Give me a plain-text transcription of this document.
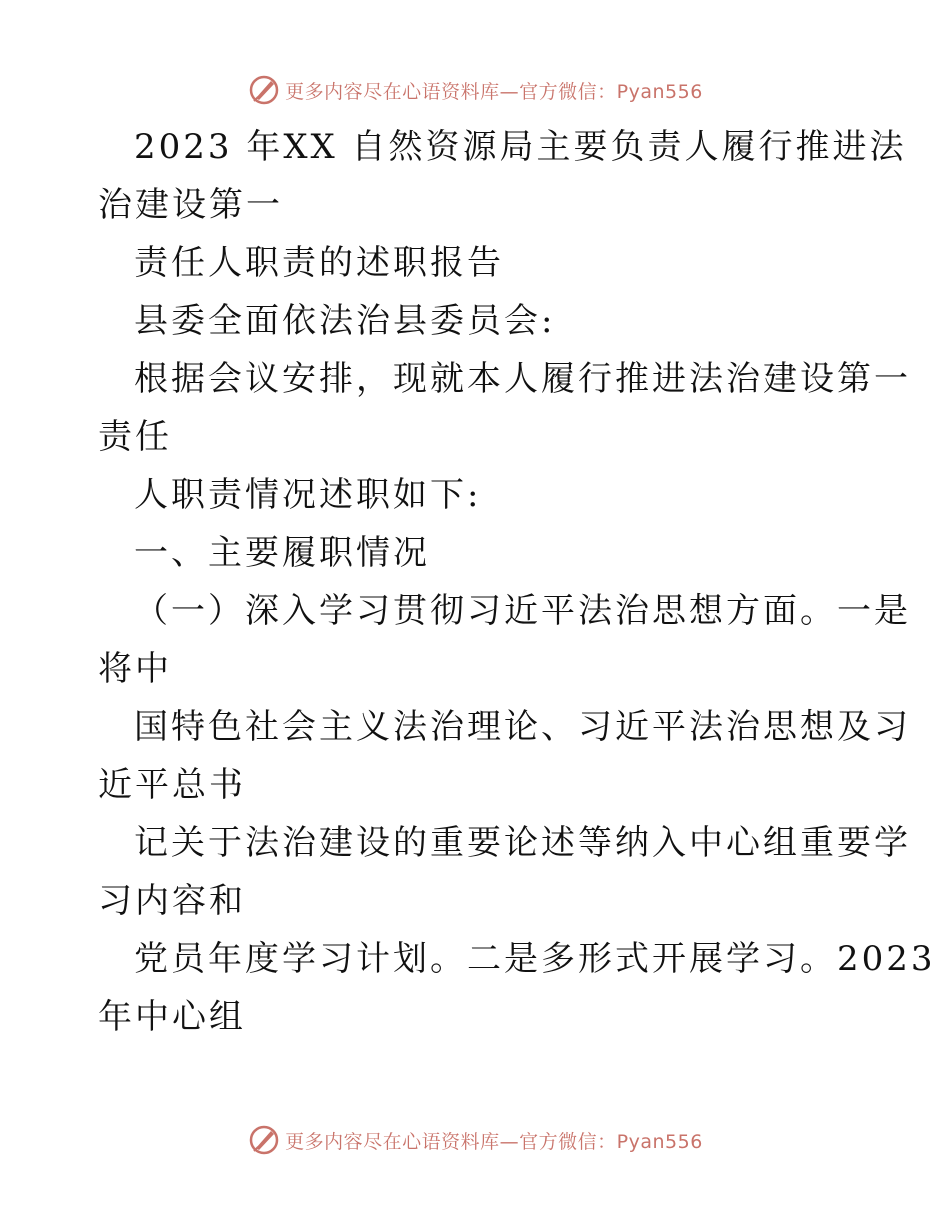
更多内容尽在心语资料库—官方微信：Pyan556
2023 年XX 自然资源局主要负责人履行推进法
治建设第一
责任人职责的述职报告
县委全面依法治县委员会:
根据会议安排，现就本人履行推进法治建设第一
责任
人职责情况述职如下:
一、主要履职情况
（一）深入学习贯彻习近平法治思想方面。一是
将中
国特色社会主义法治理论、习近平法治思想及习
近平总书
记关于法治建设的重要论述等纳入中心组重要学
习内容和
党员年度学习计划。二是多形式开展学习。2023
年中心组
更多内容尽在心语资料库—官方微信：Pyan556
